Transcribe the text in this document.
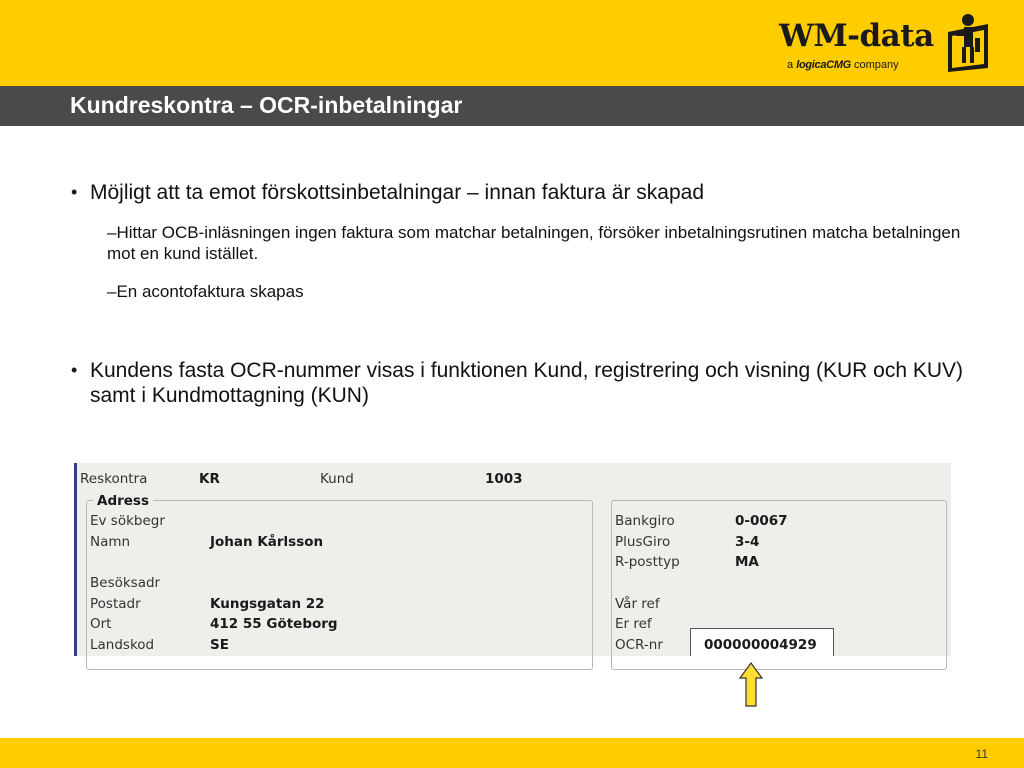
WM-data
a logicaCMG company
Kundreskontra – OCR-inbetalningar
• Möjligt att ta emot förskottsinbetalningar – innan faktura är skapad
–Hittar OCB-inläsningen ingen faktura som matchar betalningen, försöker inbetalningsrutinen matcha betalningen mot en kund istället.
–En acontofaktura skapas
• Kundens fasta OCR-nummer visas i funktionen Kund, registrering och visning (KUR och KUV) samt i Kundmottagning (KUN)
Reskontra	KR	Kund	1003
Adress
Ev sökbegr
Namn	Johan Kårlsson
Besöksadr
Postadr	Kungsgatan 22
Ort	412 55 Göteborg
Landskod	SE
Bankgiro	0-0067
PlusGiro	3-4
R-posttyp	MA
Vår ref
Er ref
OCR-nr	000000004929
11
